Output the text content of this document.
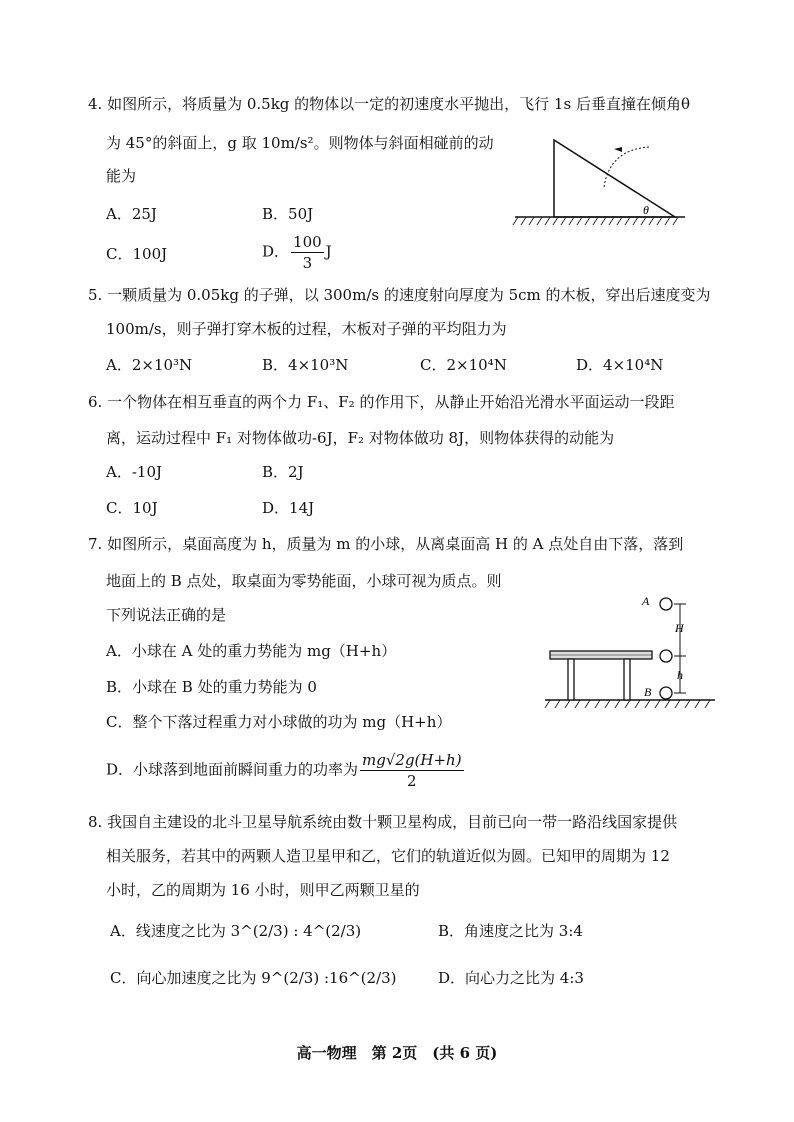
4. 如图所示，将质量为 0.5kg 的物体以一定的初速度水平抛出，飞行 1s 后垂直撞在倾角θ
为 45°的斜面上，g 取 10m/s²。则物体与斜面相碰前的动
能为
A．25J	B．50J
C．100J	D． $\frac{100}{3}$ J
θ
5. 一颗质量为 0.05kg 的子弹，以 300m/s 的速度射向厚度为 5cm 的木板，穿出后速度变为
100m/s，则子弹打穿木板的过程，木板对子弹的平均阻力为
A．2×10³N	B．4×10³N	C．2×10⁴N	D．4×10⁴N
6. 一个物体在相互垂直的两个力 F₁、F₂ 的作用下，从静止开始沿光滑水平面运动一段距
离，运动过程中 F₁ 对物体做功-6J，F₂ 对物体做功 8J，则物体获得的动能为
A．-10J	B．2J
C．10J	D．14J
7. 如图所示，桌面高度为 h，质量为 m 的小球，从离桌面高 H 的 A 点处自由下落，落到
地面上的 B 点处，取桌面为零势能面，小球可视为质点。则
下列说法正确的是
A．小球在 A 处的重力势能为 mg（H+h）
B．小球在 B 处的重力势能为 0
C．整个下落过程重力对小球做的功为 mg（H+h）
D．小球落到地面前瞬间重力的功率为 $\frac{mg√2g(H+h)}{2}$
A
B
H
h
8. 我国自主建设的北斗卫星导航系统由数十颗卫星构成，目前已向一带一路沿线国家提供
相关服务，若其中的两颗人造卫星甲和乙，它们的轨道近似为圆。已知甲的周期为 12
小时，乙的周期为 16 小时，则甲乙两颗卫星的
A．线速度之比为 3^(2/3) : 4^(2/3)	B．角速度之比为 3:4
C．向心加速度之比为 9^(2/3) :16^(2/3)	D．向心力之比为 4:3
高一物理　第 2页　(共 6 页)
